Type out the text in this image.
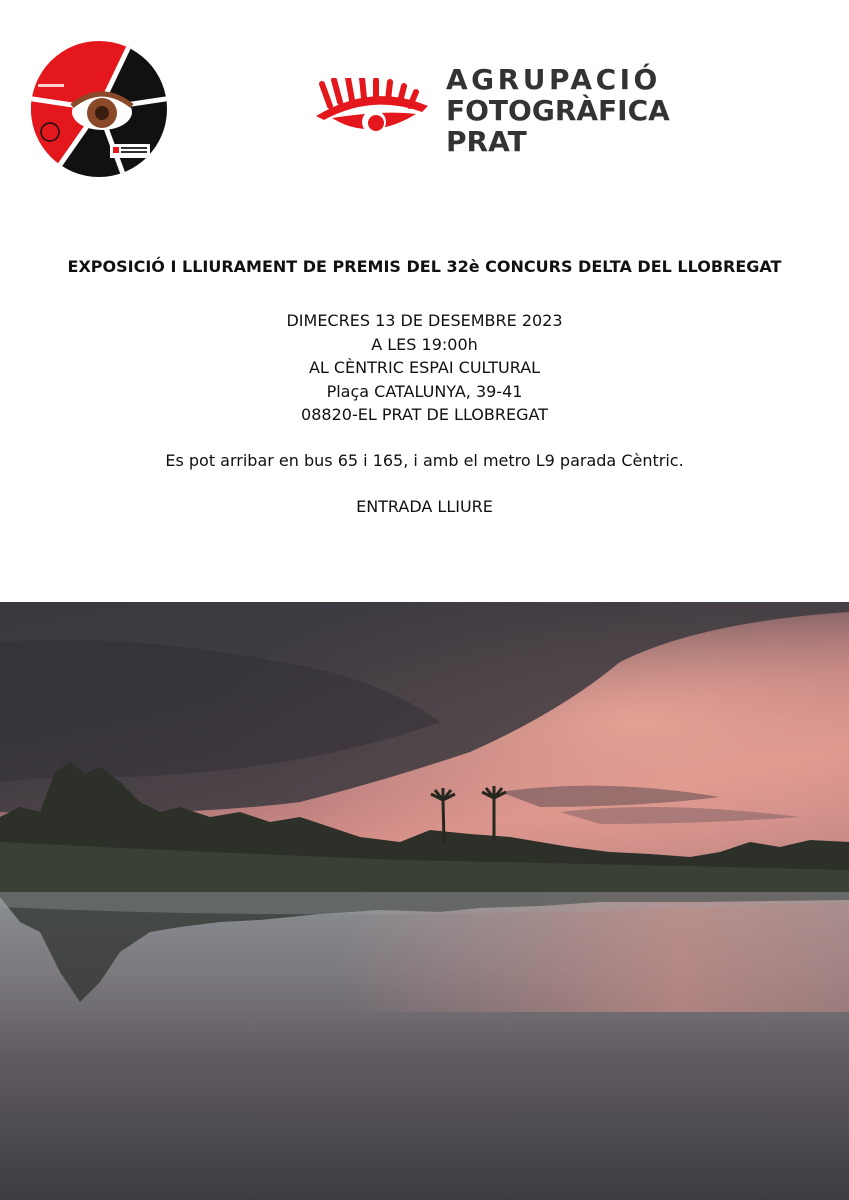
AGRUPACIÓ
FOTOGRÀFICA
PRAT
EXPOSICIÓ I LLIURAMENT DE PREMIS DEL 32è CONCURS DELTA DEL LLOBREGAT
DIMECRES 13 DE DESEMBRE 2023
A LES 19:00h
AL CÈNTRIC ESPAI CULTURAL
Plaça CATALUNYA, 39-41
08820-EL PRAT DE LLOBREGAT
Es pot arribar en bus 65 i 165, i amb el metro L9 parada Cèntric.
ENTRADA LLIURE
